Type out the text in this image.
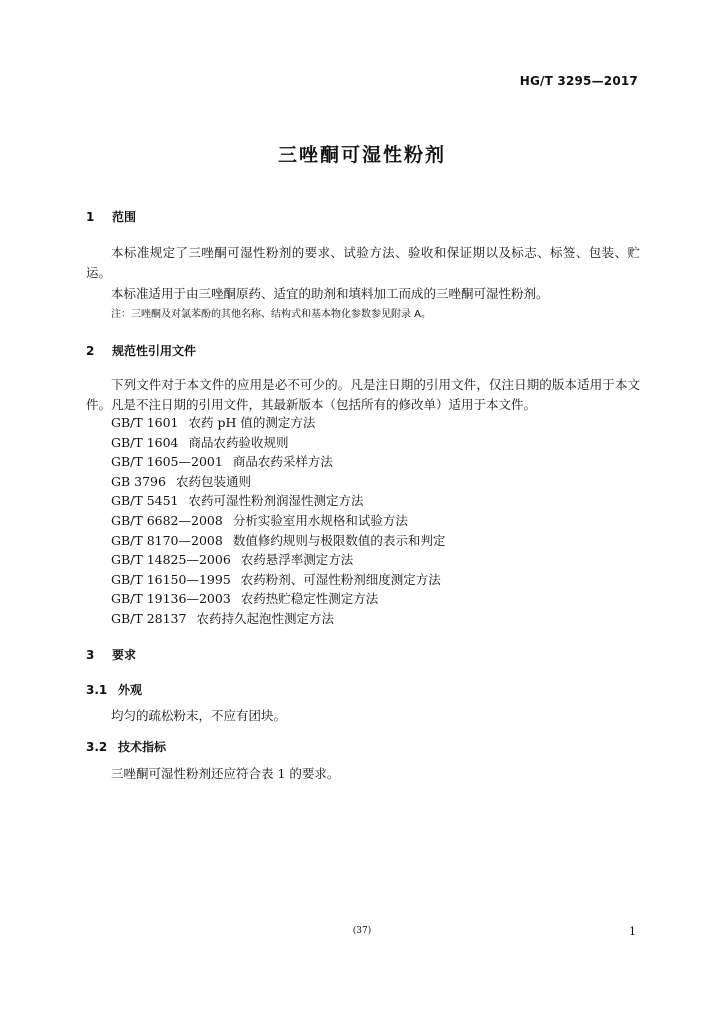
HG/T 3295—2017
三唑酮可湿性粉剂
1 范围
本标准规定了三唑酮可湿性粉剂的要求、试验方法、验收和保证期以及标志、标签、包装、贮运。
本标准适用于由三唑酮原药、适宜的助剂和填料加工而成的三唑酮可湿性粉剂。
注：三唑酮及对氯苯酚的其他名称、结构式和基本物化参数参见附录 A。
2 规范性引用文件
下列文件对于本文件的应用是必不可少的。凡是注日期的引用文件，仅注日期的版本适用于本文件。凡是不注日期的引用文件，其最新版本（包括所有的修改单）适用于本文件。
GB/T 1601 农药 pH 值的测定方法
GB/T 1604 商品农药验收规则
GB/T 1605—2001 商品农药采样方法
GB 3796 农药包装通则
GB/T 5451 农药可湿性粉剂润湿性测定方法
GB/T 6682—2008 分析实验室用水规格和试验方法
GB/T 8170—2008 数值修约规则与极限数值的表示和判定
GB/T 14825—2006 农药悬浮率测定方法
GB/T 16150—1995 农药粉剂、可湿性粉剂细度测定方法
GB/T 19136—2003 农药热贮稳定性测定方法
GB/T 28137 农药持久起泡性测定方法
3 要求
3.1 外观
均匀的疏松粉末，不应有团块。
3.2 技术指标
三唑酮可湿性粉剂还应符合表 1 的要求。
(37)	1
